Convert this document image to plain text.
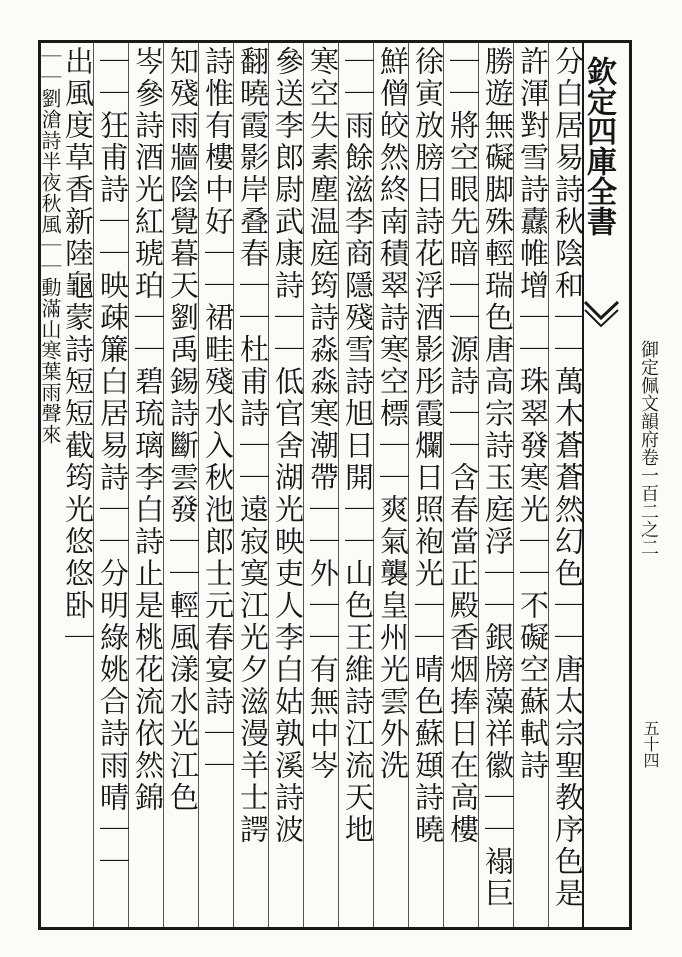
欽定四庫全書
御定佩文韻府卷一百二之二
五十四
分白居易詩秋陰和｜｜萬木蒼蒼然幻色｜｜唐太宗聖教序色是
許渾對雪詩纛帷增｜｜珠翠發寒光｜｜不礙空蘇軾詩
勝遊無礙脚殊輕瑞色唐高宗詩玉庭浮｜｜銀牓藻祥徽｜｜褟巨
｜｜將空眼先暗｜｜源詩｜｜含春當正殿香烟捧日在高樓
徐寅放膀日詩花浮酒影彤霞爛日照袍光｜｜晴色蘇頲詩曉
鮮僧皎然終南積翠詩寒空標｜｜爽氣襲皇州光雲外洗
｜｜雨餘滋李商隱殘雪詩旭日開｜｜山色王維詩江流天地
寒空失素塵温庭筠詩淼淼寒潮帶｜｜外｜｜有無中岑
參送李郎尉武康詩｜｜低官舍湖光映吏人李白姑孰溪詩波
翻曉霞影岸叠春｜｜杜甫詩｜｜遠寂寞江光夕滋漫羊士諤
詩惟有樓中好｜｜裙畦殘水入秋池郎士元春宴詩｜｜
知殘雨牆陰覺暮天劉禹錫詩斷雲發｜｜輕風漾水光江色
岑參詩酒光紅琥珀｜｜碧琉璃李白詩止是桃花流依然錦
｜｜狂甫詩｜｜映疎簾白居易詩｜｜分明綠姚合詩雨晴｜｜
出風度草香新陸龜蒙詩短短截筠光悠悠卧｜
｜｜劉滄詩半夜秋風｜｜動滿山寒葉雨聲來
